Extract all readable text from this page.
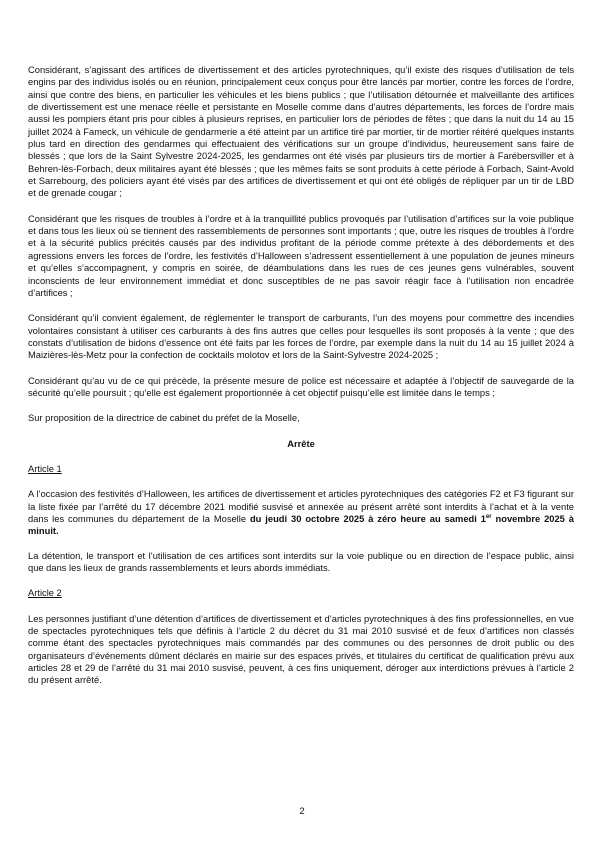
Considérant, s’agissant des artifices de divertissement et des articles pyrotechniques, qu’il existe des risques d’utilisation de tels engins par des individus isolés ou en réunion, principalement ceux conçus pour être lancés par mortier, contre les forces de l’ordre, ainsi que contre des biens, en particulier les véhicules et les biens publics ; que l’utilisation détournée et malveillante des artifices de divertissement est une menace réelle et persistante en Moselle comme dans d’autres départements, les forces de l’ordre mais aussi les pompiers étant pris pour cibles à plusieurs reprises, en particulier lors de périodes de fêtes ; que dans la nuit du 14 au 15 juillet 2024 à Fameck, un véhicule de gendarmerie a été atteint par un artifice tiré par mortier, tir de mortier réitéré quelques instants plus tard en direction des gendarmes qui effectuaient des vérifications sur un groupe d’individus, heureusement sans faire de blessés ; que lors de la Saint Sylvestre 2024-2025, les gendarmes ont été visés par plusieurs tirs de mortier à Farébersviller et à Behren-lès-Forbach, deux militaires ayant été blessés ; que les mêmes faits se sont produits à cette période à Forbach, Saint-Avold et Sarrebourg, des policiers ayant été visés par des artifices de divertissement et qui ont été obligés de répliquer par un tir de LBD et de grenade cougar ;

Considérant que les risques de troubles à l’ordre et à la tranquillité publics provoqués par l’utilisation d’artifices sur la voie publique et dans tous les lieux où se tiennent des rassemblements de personnes sont importants ; que, outre les risques de troubles à l’ordre et à la sécurité publics précités causés par des individus profitant de la période comme prétexte à des débordements et des agressions envers les forces de l’ordre, les festivités d’Halloween s’adressent essentiellement à une population de jeunes mineurs et qu’elles s’accompagnent, y compris en soirée, de déambulations dans les rues de ces jeunes gens vulnérables, souvent inconscients de leur environnement immédiat et donc susceptibles de ne pas savoir réagir face à l’utilisation non encadrée d’artifices ;

Considérant qu’il convient également, de réglementer le transport de carburants, l’un des moyens pour commettre des incendies volontaires consistant à utiliser ces carburants à des fins autres que celles pour lesquelles ils sont proposés à la vente ; que des constats d’utilisation de bidons d’essence ont été faits par les forces de l’ordre, par exemple dans la nuit du 14 au 15 juillet 2024 à Maizières-lès-Metz pour la confection de cocktails molotov et lors de la Saint-Sylvestre 2024-2025 ;

Considérant qu’au vu de ce qui précède, la présente mesure de police est nécessaire et adaptée à l’objectif de sauvegarde de la sécurité qu’elle poursuit ; qu’elle est également proportionnée à cet objectif puisqu’elle est limitée dans le temps ;

Sur proposition de la directrice de cabinet du préfet de la Moselle,

Arrête

Article 1

A l’occasion des festivités d’Halloween, les artifices de divertissement et articles pyrotechniques des catégories F2 et F3 figurant sur la liste fixée par l’arrêté du 17 décembre 2021 modifié susvisé et annexée au présent arrêté sont interdits à l’achat et à la vente dans les communes du département de la Moselle du jeudi 30 octobre 2025 à zéro heure au samedi 1er novembre 2025 à minuit.

La détention, le transport et l’utilisation de ces artifices sont interdits sur la voie publique ou en direction de l’espace public, ainsi que dans les lieux de grands rassemblements et leurs abords immédiats.

Article 2

Les personnes justifiant d’une détention d’artifices de divertissement et d’articles pyrotechniques à des fins professionnelles, en vue de spectacles pyrotechniques tels que définis à l’article 2 du décret du 31 mai 2010 susvisé et de feux d’artifices non classés comme étant des spectacles pyrotechniques mais commandés par des communes ou des personnes de droit public ou des organisateurs d’événements dûment déclarés en mairie sur des espaces privés, et titulaires du certificat de qualification prévu aux articles 28 et 29 de l’arrêté du 31 mai 2010 susvisé, peuvent, à ces fins uniquement, déroger aux interdictions prévues à l’article 2 du présent arrêté.

2
